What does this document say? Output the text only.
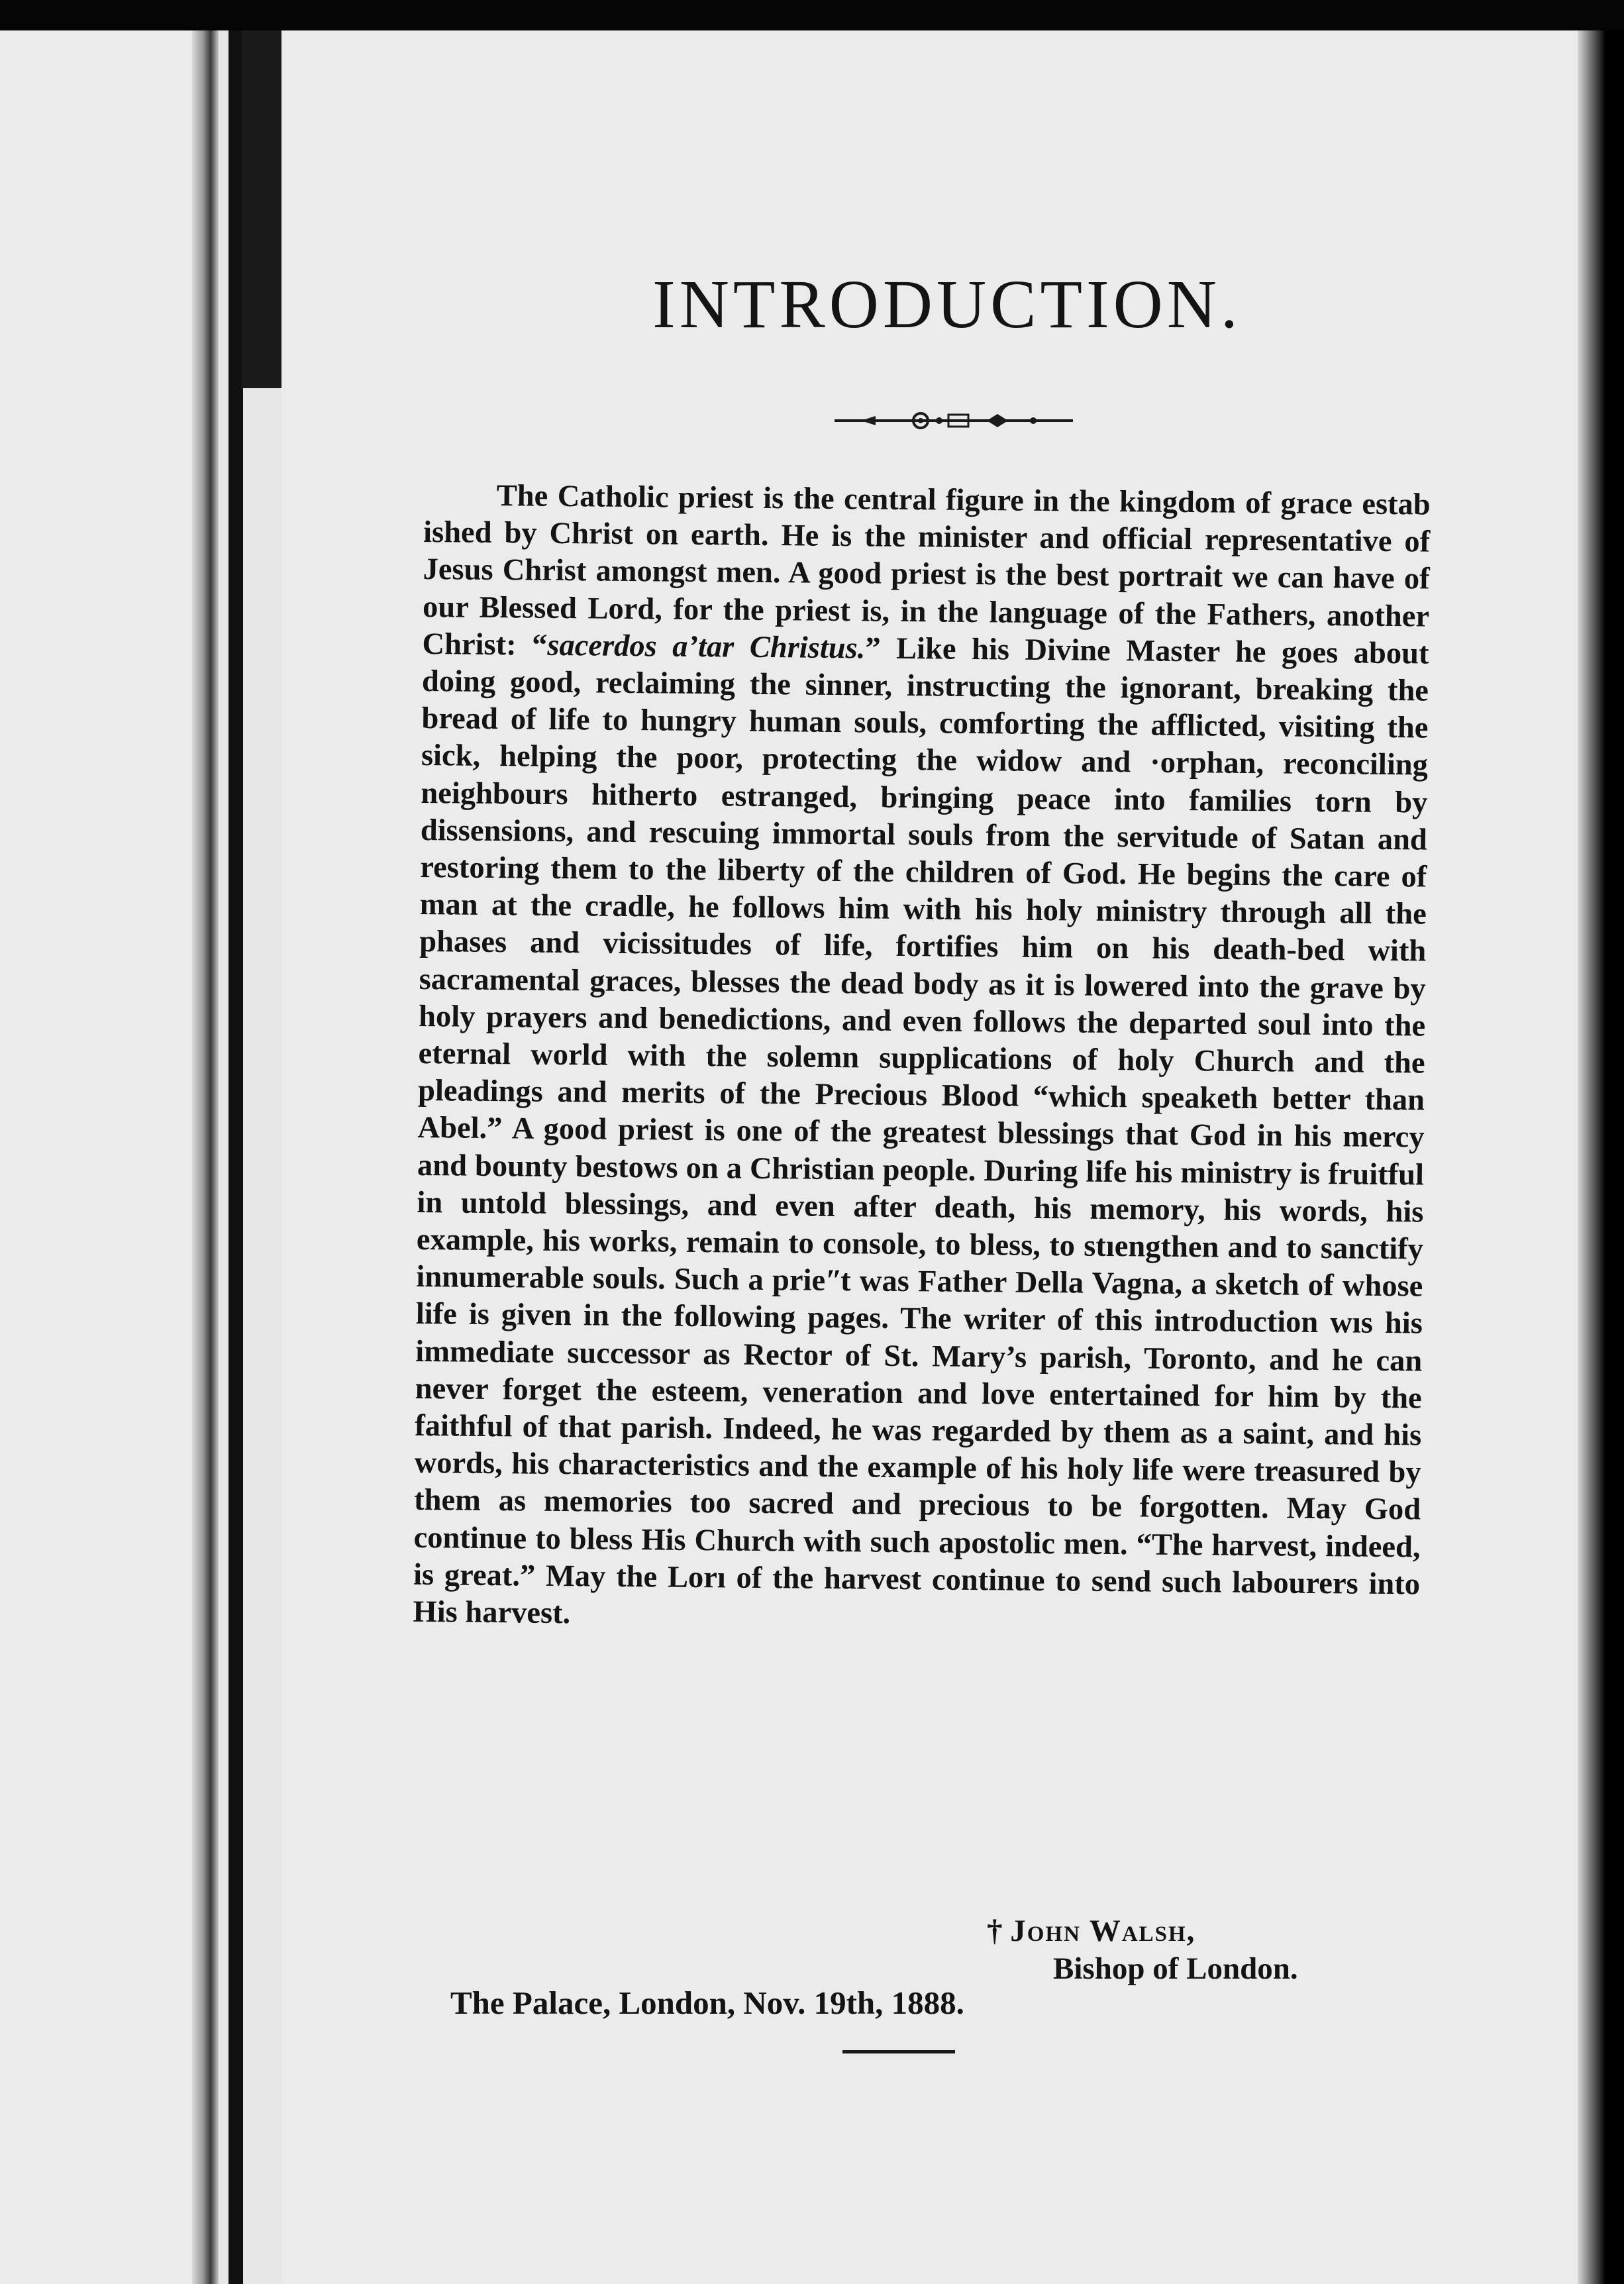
INTRODUCTION.

The Catholic priest is the central figure in the kingdom of grace estab ished by Christ on earth. He is the minister and official representative of Jesus Christ amongst men. A good priest is the best portrait we can have of our Blessed Lord, for the priest is, in the language of the Fathers, another Christ: “sacerdos aʼtar Christus.” Like his Divine Master he goes about doing good, reclaiming the sinner, instructing the ignorant, breaking the bread of life to hungry human souls, comforting the afflicted, visiting the sick, helping the poor, protecting the widow and ·orphan, reconciling neighbours hitherto estranged, bringing peace into families torn by dissensions, and rescuing immortal souls from the servitude of Satan and restoring them to the liberty of the children of God. He begins the care of man at the cradle, he follows him with his holy ministry through all the phases and vicissitudes of life, fortifies him on his death-bed with sacramental graces, blesses the dead body as it is lowered into the grave by holy prayers and benedictions, and even follows the departed soul into the eternal world with the solemn supplications of holy Church and the pleadings and merits of the Precious Blood “which speaketh better than Abel.” A good priest is one of the greatest blessings that God in his mercy and bounty bestows on a Christian people. During life his ministry is fruitful in untold blessings, and even after death, his memory, his words, his example, his works, remain to console, to bless, to stıengthen and to sanctify innumerable souls. Such a prieʺt was Father Della Vagna, a sketch of whose life is given in the following pages. The writer of this introduction wıs his immediate successor as Rector of St. Mary’s parish, Toronto, and he can never forget the esteem, veneration and love entertained for him by the faithful of that parish. Indeed, he was regarded by them as a saint, and his words, his characteristics and the example of his holy life were treasured by them as memories too sacred and precious to be forgotten. May God continue to bless His Church with such apostolic men. “The harvest, indeed, is great.” May the Lorı of the harvest continue to send such labourers into His harvest.

† John Walsh,
Bishop of London.
The Palace, London, Nov. 19th, 1888.
